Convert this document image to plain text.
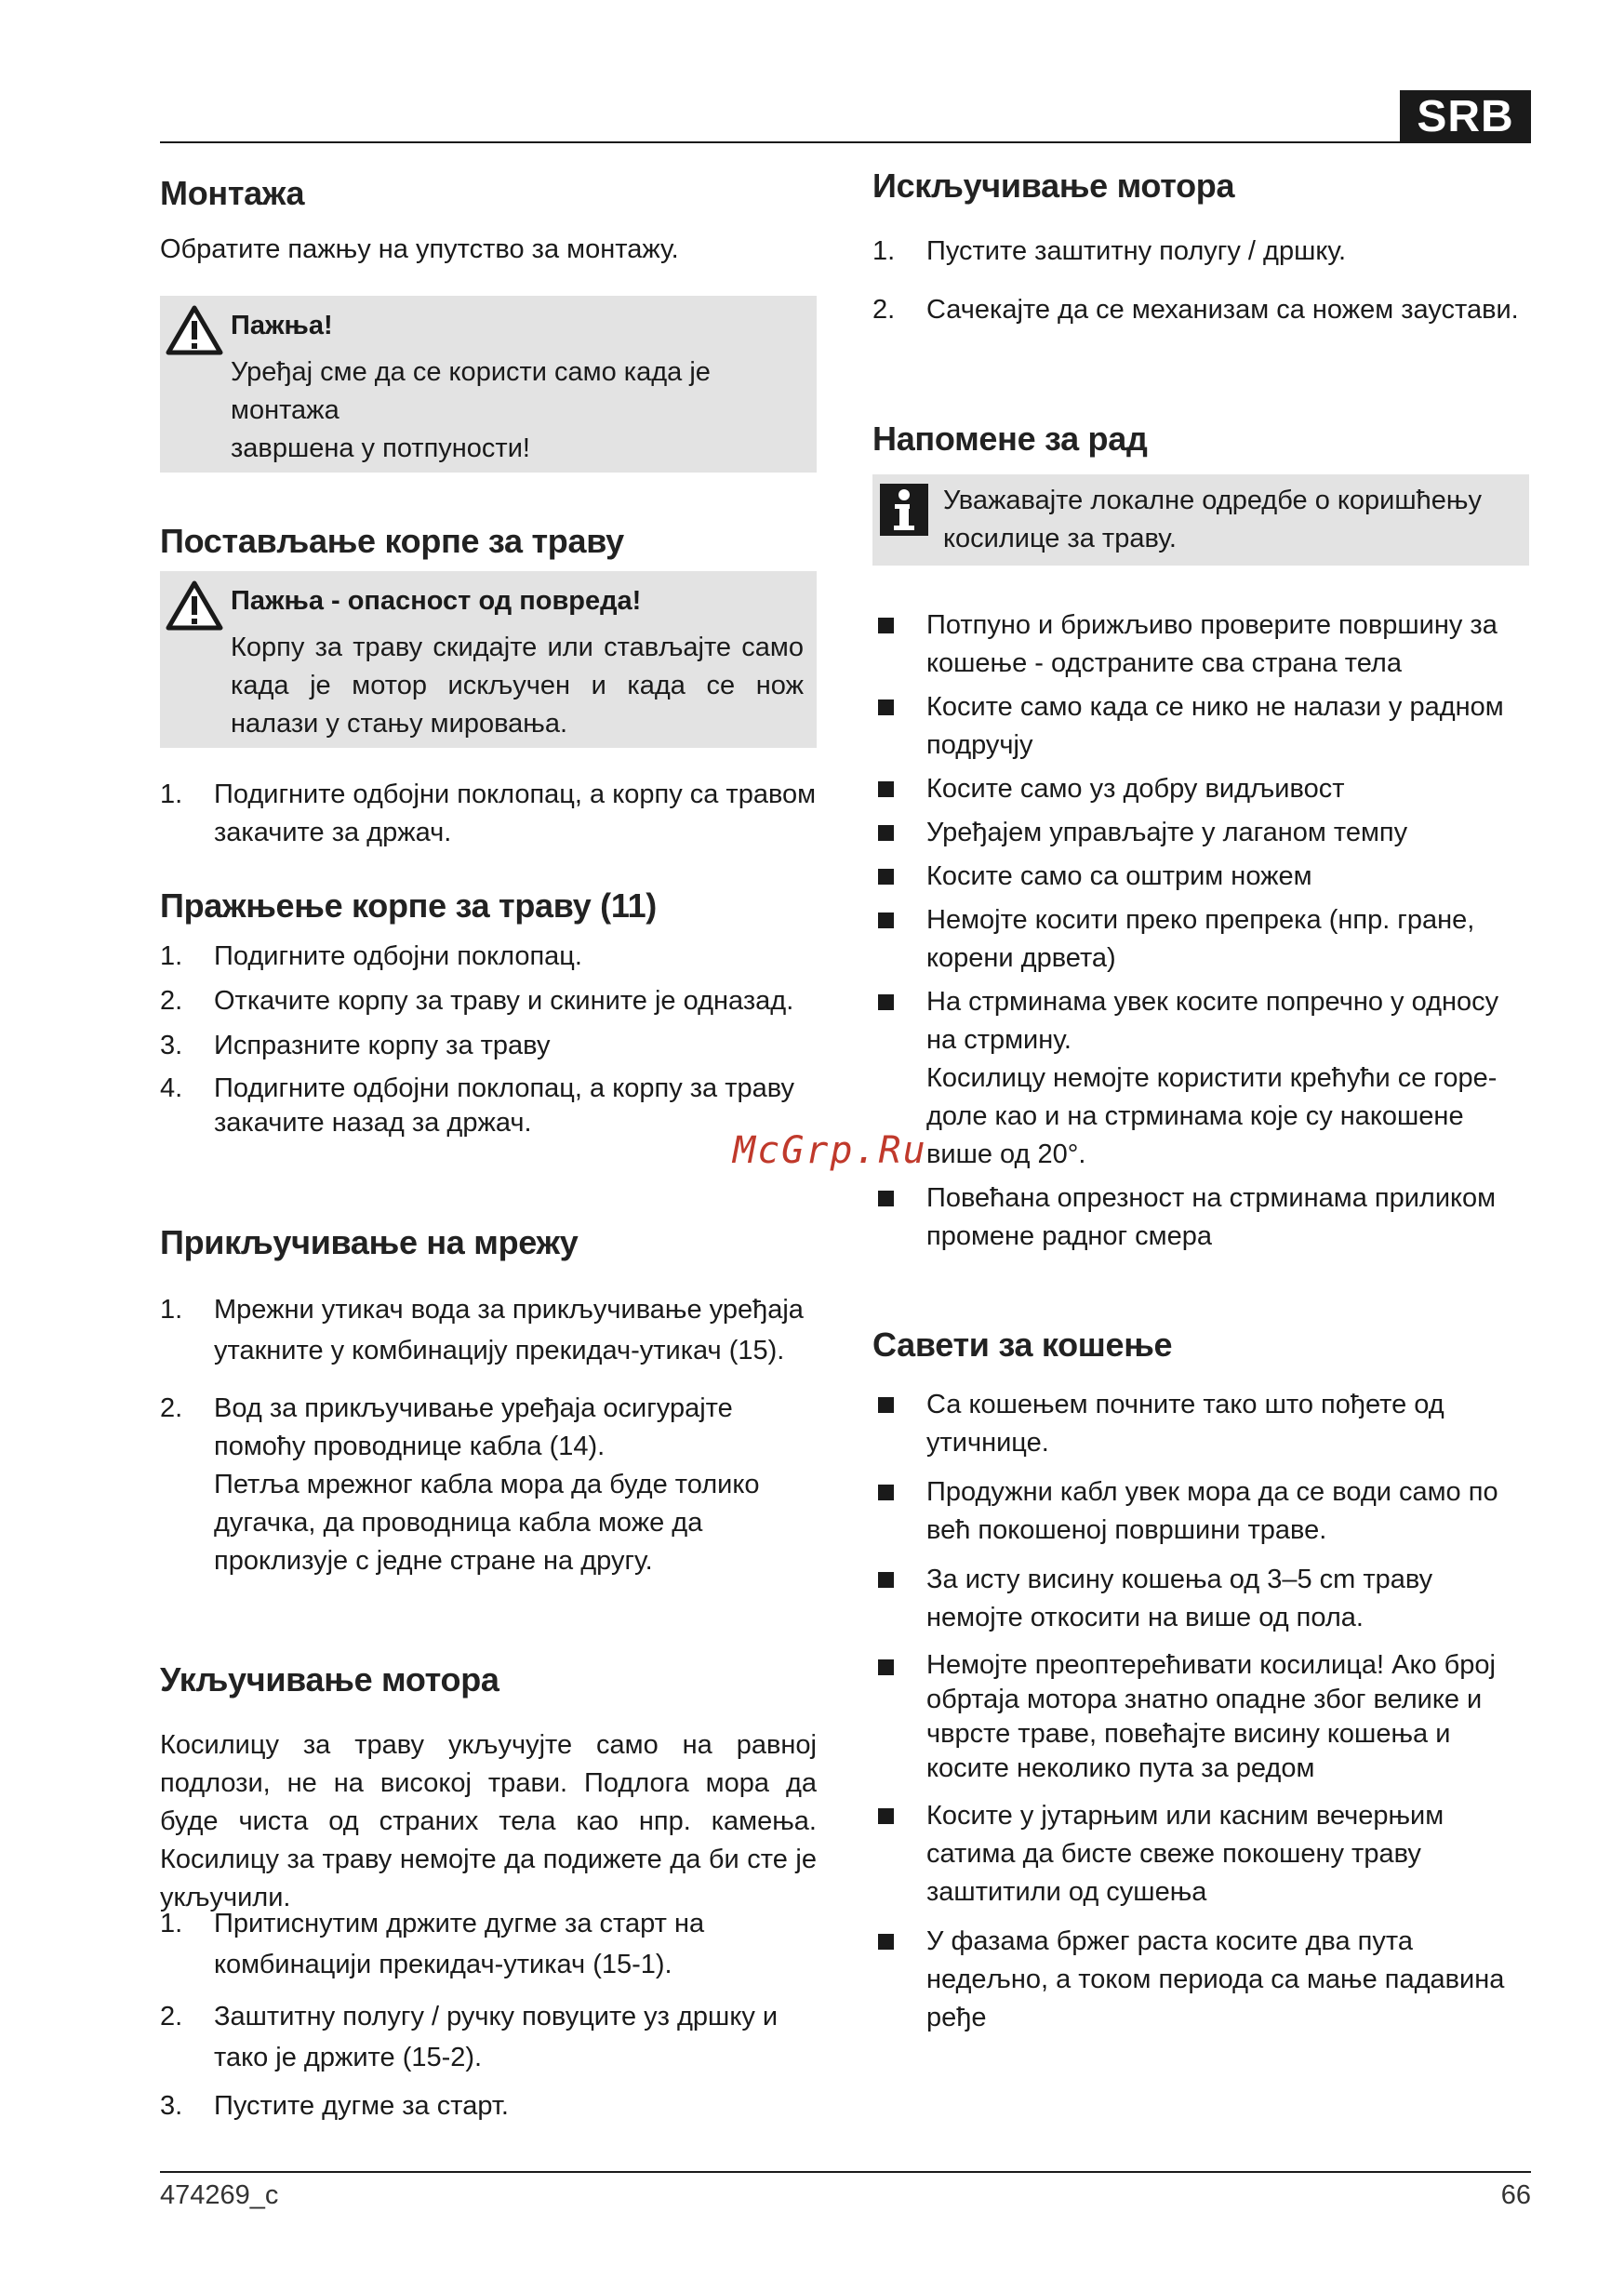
SRB
Монтажа

Обратите пажњу на упутство за монтажу.

Пажња!
Уређај сме да се користи само када је монтажа
завршена у потпуности!
Постављање корпе за траву
Пажња - опасност од повреда!
Корпу за траву скидајте или стављајте само када је мотор искључен и када се нож налази у стању мировања.
1. Подигните одбојни поклопац, а корпу са травом закачите за држач.
Пражњење корпе за траву (11)
1. Подигните одбојни поклопац.
2. Откачите корпу за траву и скините је одназад.
3. Испразните корпу за траву
4. Подигните одбојни поклопац, а корпу за траву закачите назад за држач.
Прикључивање на мрежу
1. Мрежни утикач вода за прикључивање уређаја утакните у комбинацију прекидач-утикач (15).
2. Вод за прикључивање уређаја осигурајте помоћу проводнице кабла (14).
Петља мрежног кабла мора да буде толико дугачка, да проводница кабла може да проклизује с једне стране на другу.
Укључивање мотора

Косилицу за траву укључујте само на равној подлози, не на високој трави. Подлога мора да буде чиста од страних тела као нпр. камења. Косилицу за траву немојте да подижете да би сте је укључили.

1. Притиснутим држите дугме за старт на комбинацији прекидач-утикач (15-1).
2. Заштитну полугу / ручку повуците уз дршку и тако је држите (15-2).
3. Пустите дугме за старт.
Искључивање мотора
1. Пустите заштитну полугу / дршку.
2. Сачекајте да се механизам са ножем заустави.
Напомене за рад
Уважавајте локалне одредбе о коришћењу косилице за траву.
Потпуно и брижљиво проверите површину за кошење - одстраните сва страна тела
Косите само када се нико не налази у радном подручју
Косите само уз добру видљивост
Уређајем управљајте у лаганом темпу
Косите само са оштрим ножем
Немојте косити преко препрека (нпр. гране, корени дрвета)
На стрминама увек косите попречно у односу на стрмину.
Косилицу немојте користити крећући се горе-доле као и на стрминама које су накошене више од 20°.
Повећана опрезност на стрминама приликом промене радног смера
Савети за кошење
Са кошењем почните тако што пођете од утичнице.
Продужни кабл увек мора да се води само по већ покошеној површини траве.
За исту висину кошења од 3–5 cm траву немојте откосити на више од пола.
Немојте преоптерећивати косилица! Ако број обртаја мотора знатно опадне због велике и чврсте траве, повећајте висину кошења и косите неколико пута за редом
Косите у јутарњим или касним вечерњим сатима да бисте свеже покошену траву заштитили од сушења
У фазама бржег раста косите два пута недељно, а током периода са мање падавина ређе
McGrp.Ru
474269_c	66
